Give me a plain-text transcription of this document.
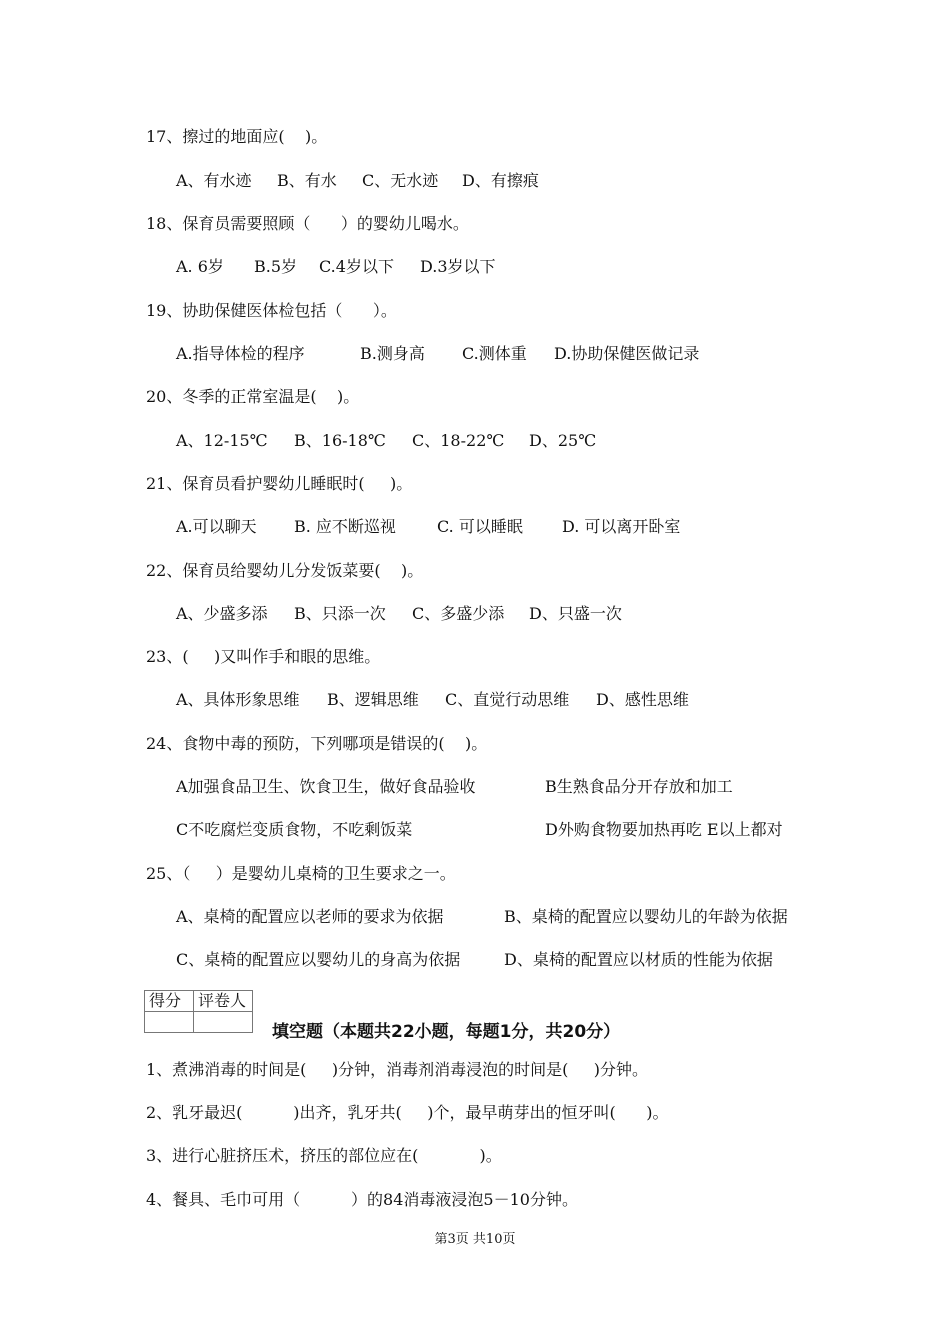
17、擦过的地面应(    )。
A、有水迹 B、有水 C、无水迹 D、有擦痕
18、保育员需要照顾（      ）的婴幼儿喝水。
A. 6岁 B.5岁 C.4岁以下 D.3岁以下
19、协助保健医体检包括（      ）。
A.指导体检的程序	B.测身高 C.测体重 D.协助保健医做记录
20、冬季的正常室温是(    )。
A、12-15℃ B、16-18℃ C、18-22℃ D、25℃
21、保育员看护婴幼儿睡眠时(     )。
A.可以聊天 B. 应不断巡视	C. 可以睡眠 D. 可以离开卧室
22、保育员给婴幼儿分发饭菜要(    )。
A、少盛多添 B、只添一次 C、多盛少添 D、只盛一次
23、(     )又叫作手和眼的思维。
A、具体形象思维 B、逻辑思维 C、直觉行动思维 D、感性思维
24、食物中毒的预防，下列哪项是错误的(    )。
A加强食品卫生、饮食卫生，做好食品验收	B生熟食品分开存放和加工
C不吃腐烂变质食物，不吃剩饭菜	D外购食物要加热再吃 E以上都对
25、（     ）是婴幼儿桌椅的卫生要求之一。
A、桌椅的配置应以老师的要求为依据	B、桌椅的配置应以婴幼儿的年龄为依据
C、桌椅的配置应以婴幼儿的身高为依据	D、桌椅的配置应以材质的性能为依据
得分	评卷人

填空题（本题共22小题，每题1分，共20分）
1、煮沸消毒的时间是(     )分钟，消毒剂消毒浸泡的时间是(     )分钟。
2、乳牙最迟(          )出齐，乳牙共(     )个，最早萌芽出的恒牙叫(      )。
3、进行心脏挤压术，挤压的部位应在(            )。
4、餐具、毛巾可用（          ）的84消毒液浸泡5－10分钟。
第3页 共10页
